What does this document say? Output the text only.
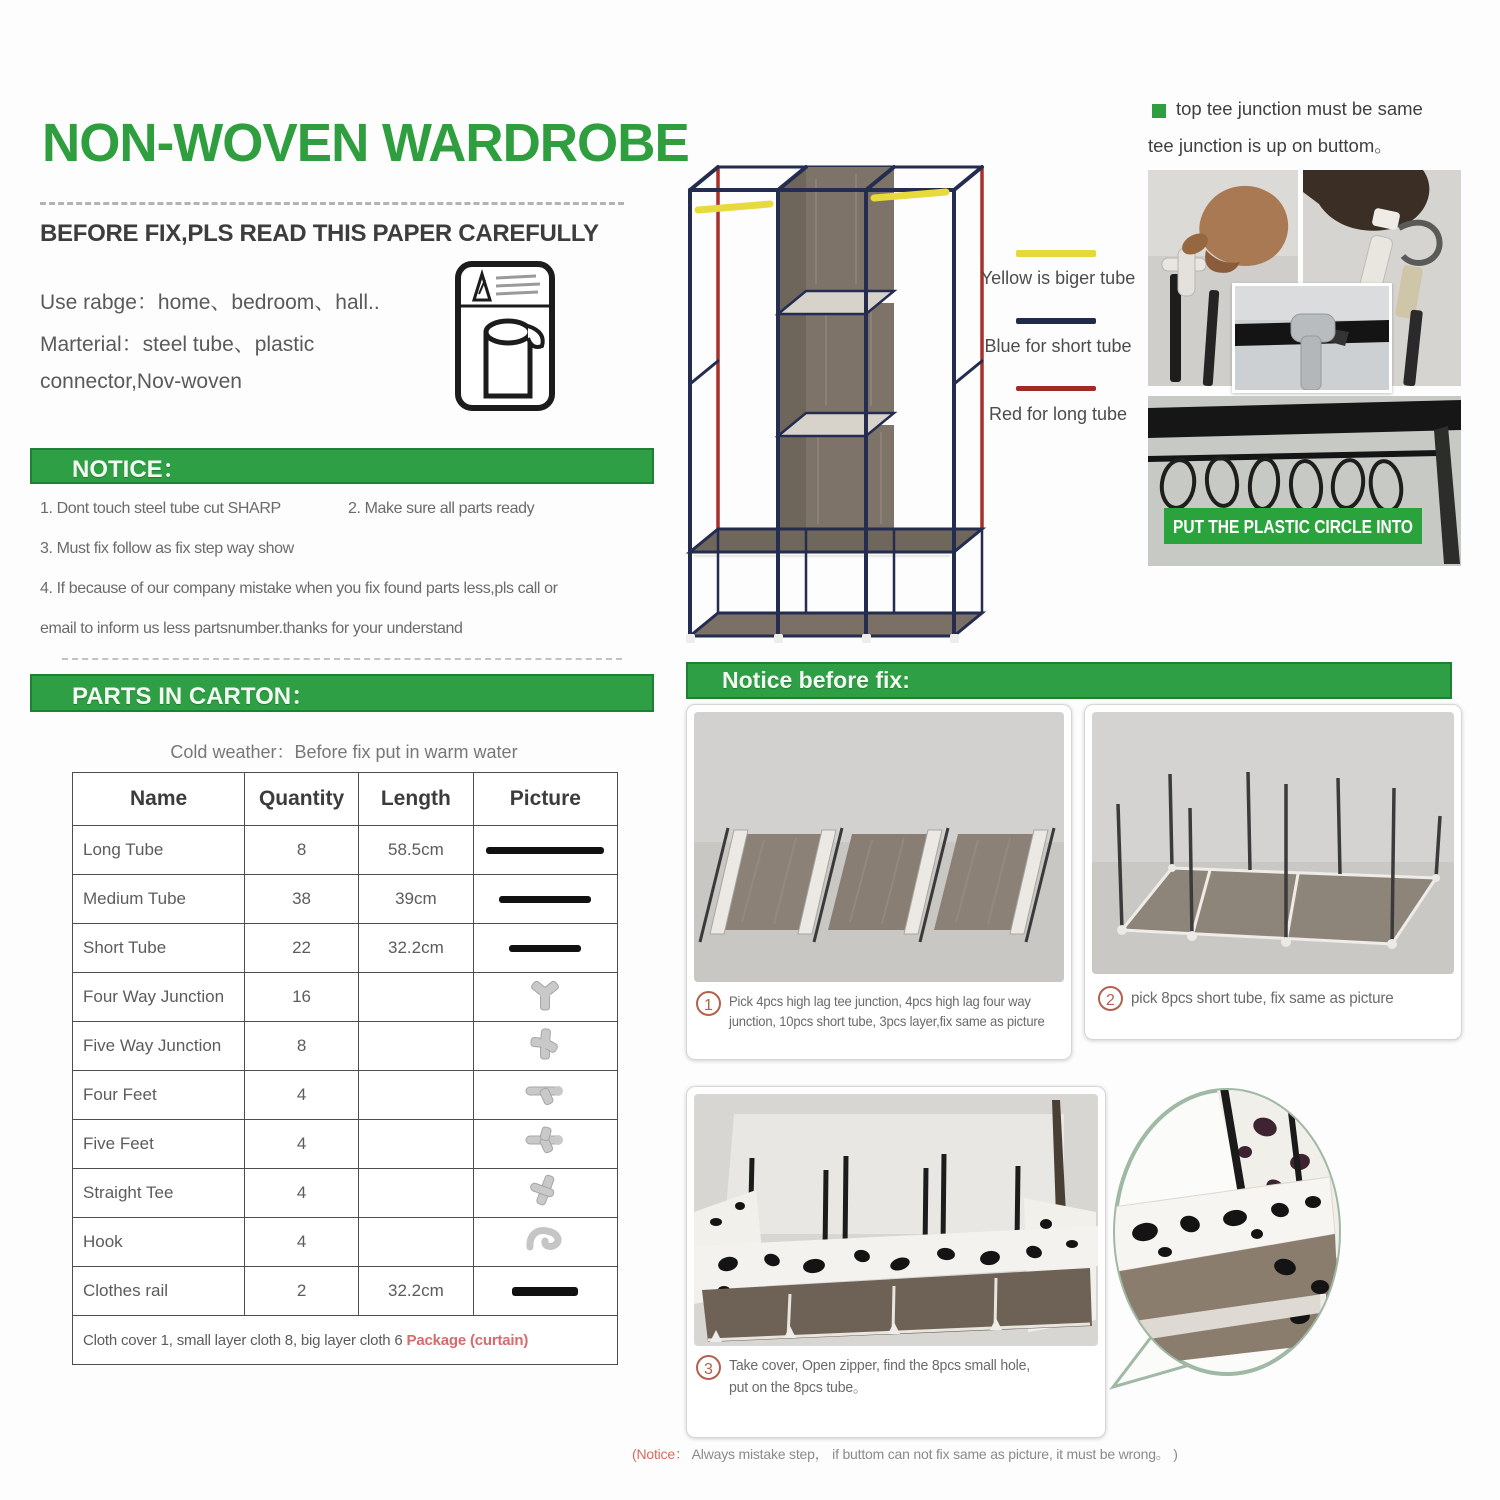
NON-WOVEN WARDROBE
BEFORE FIX,PLS READ THIS PAPER CAREFULLY
Use rabge：home、bedroom、hall..
Marterial：steel tube、plastic
connector,Nov-woven
NOTICE：
1. Dont touch steel tube cut SHARP	2. Make sure all parts ready
3. Must fix follow as fix step way show
4. If because of our company mistake when you fix found parts less,pls call or
email to inform us less partsnumber.thanks for your understand
PARTS IN CARTON：
Cold weather：Before fix put in warm water
Name	Quantity	Length	Picture
Long Tube	8	58.5cm	

Medium Tube	38	39cm	

Short Tube	22	32.2cm	

Four Way Junction	16		
Five Way Junction	8		
Four Feet	4		
Five Feet	4		
Straight Tee	4		
Hook	4		
Clothes rail	2	32.2cm	

Cloth cover 1, small layer cloth 8, big layer cloth 6 Package (curtain)			
Yellow is biger tube
Blue for short tube
Red for long tube
top tee junction must be same
tee junction is up on buttom。
PUT THE PLASTIC CIRCLE INTO
Notice before fix:
1	Pick 4pcs high lag tee junction, 4pcs high lag four way
junction, 10pcs short tube, 3pcs layer,fix same as picture
2	pick 8pcs short tube, fix same as picture
3	Take cover, Open zipper, find the 8pcs small hole,
put on the 8pcs tube。
(Notice： Always mistake step， if buttom can not fix same as picture, it must be wrong。 )
